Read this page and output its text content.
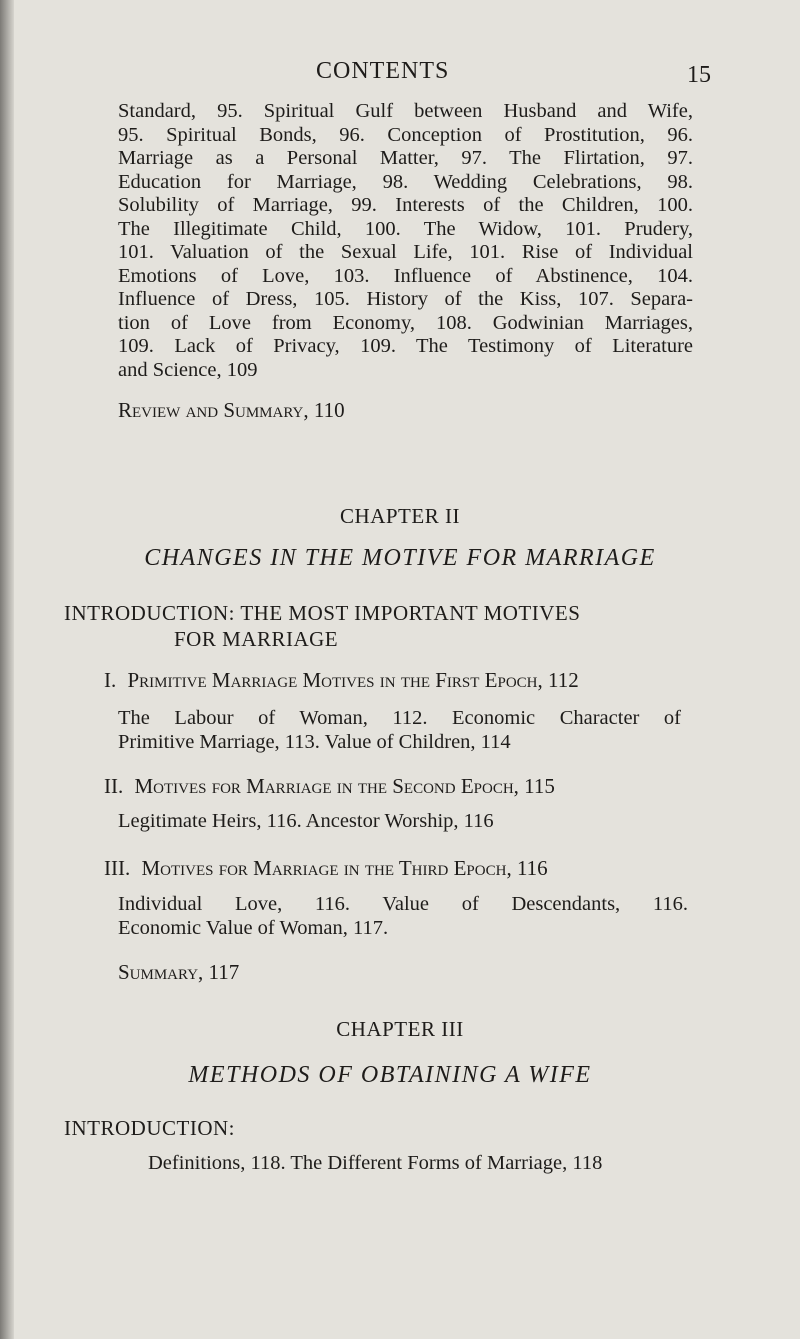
CONTENTS	15
Standard, 95. Spiritual Gulf between Husband and Wife,
95. Spiritual Bonds, 96. Conception of Prostitution, 96.
Marriage as a Personal Matter, 97. The Flirtation, 97.
Education for Marriage, 98. Wedding Celebrations, 98.
Solubility of Marriage, 99. Interests of the Children, 100.
The Illegitimate Child, 100. The Widow, 101. Prudery,
101. Valuation of the Sexual Life, 101. Rise of Individual
Emotions of Love, 103. Influence of Abstinence, 104.
Influence of Dress, 105. History of the Kiss, 107. Separa-
tion of Love from Economy, 108. Godwinian Marriages,
109. Lack of Privacy, 109. The Testimony of Literature
and Science, 109
Review and Summary, 110
CHAPTER II
CHANGES IN THE MOTIVE FOR MARRIAGE
INTRODUCTION: THE MOST IMPORTANT MOTIVES
FOR MARRIAGE
I. Primitive Marriage Motives in the First Epoch, 112
The Labour of Woman, 112. Economic Character of
Primitive Marriage, 113. Value of Children, 114
II. Motives for Marriage in the Second Epoch, 115
Legitimate Heirs, 116. Ancestor Worship, 116
III. Motives for Marriage in the Third Epoch, 116
Individual Love, 116. Value of Descendants, 116.
Economic Value of Woman, 117.
Summary, 117
CHAPTER III
METHODS OF OBTAINING A WIFE
INTRODUCTION:
Definitions, 118. The Different Forms of Marriage, 118
